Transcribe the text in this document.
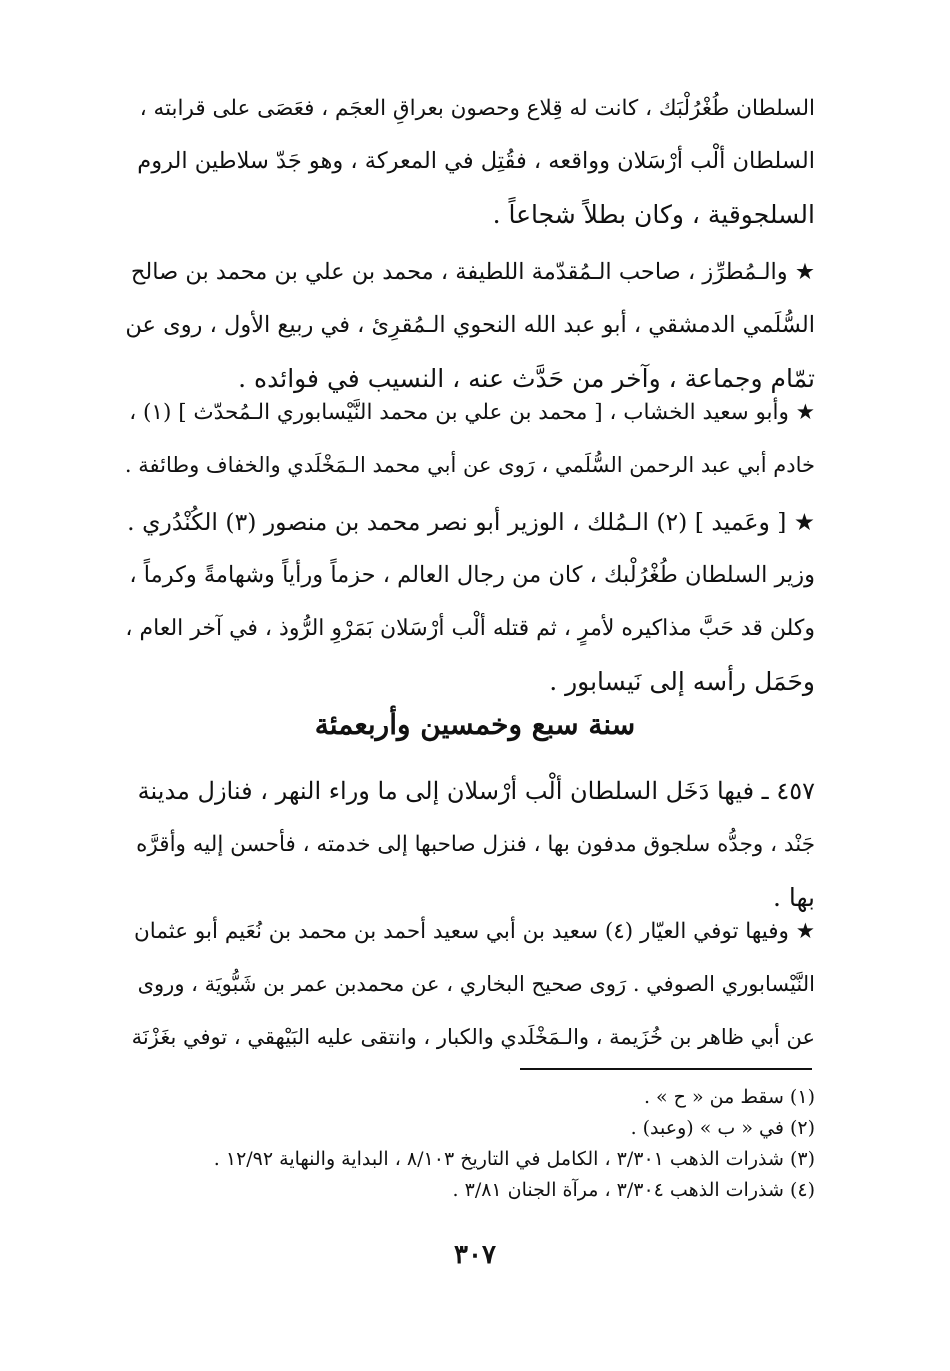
السلطان طُغْرُلْبَك ، كانت له قِلاع وحصون بعراقِ العجَم ، فعَصَى على قرابته ،
السلطان ألْب أرْسَلان وواقعه ، فقُتِل في المعركة ، وهو جَدّ سلاطين الروم
السلجوقية ، وكان بطلاً شجاعاً .

★ والـمُطرِّز ، صاحب الـمُقدّمة اللطيفة ، محمد بن علي بن محمد بن صالح
السُّلَمي الدمشقي ، أبو عبد الله النحوي الـمُقرِئ ، في ربيع الأول ، روى عن
تمّام وجماعة ، وآخر من حَدَّث عنه ، النسيب في فوائده .

★ وأبو سعيد الخشاب ، [ محمد بن علي بن محمد النَّيْسابوري الـمُحدّث ] (١) ،
خادم أبي عبد الرحمن السُّلَمي ، رَوى عن أبي محمد الـمَخْلَدي والخفاف وطائفة .

★ [ وعَميد ] (٢) الـمُلك ، الوزير أبو نصر محمد بن منصور (٣) الكُنْدُري .
وزير السلطان طُغْرُلْبك ، كان من رجال العالم ، حزماً ورأياً وشهامةً وكرماً ،
وكلن قد حَبَّ مذاكيره لأمرٍ ، ثم قتله ألْب أرْسَلان بَمَرْوِ الرُّوذ ، في آخر العام ،
وحَمَل رأسه إلى نَيسابور .

سنة سبع وخمسين وأربعمئة

٤٥٧ ـ فيها دَخَل السلطان ألْب أرْسلان إلى ما وراء النهر ، فنازل مدينة
جَنْد ، وجدُّه سلجوق مدفون بها ، فنزل صاحبها إلى خدمته ، فأحسن إليه وأقرَّه
بها .

★ وفيها توفي العيّار (٤) سعيد بن أبي سعيد أحمد بن محمد بن نُعَيم أبو عثمان
النَّيْسابوري الصوفي . رَوى صحيح البخاري ، عن محمدبن عمر بن شَبُّويَة ، وروى
عن أبي ظاهر بن خُزَيمة ، والـمَخْلَدي والكبار ، وانتقى عليه البَيْهقي ، توفي بغَزْنَة

(١) سقط من « ح » .
(٢) في « ب » (وعبد) .
(٣) شذرات الذهب ٣/٣٠١ ، الكامل في التاريخ ٨/١٠٣ ، البداية والنهاية ١٢/٩٢ .
(٤) شذرات الذهب ٣/٣٠٤ ، مرآة الجنان ٣/٨١ .

٣٠٧
